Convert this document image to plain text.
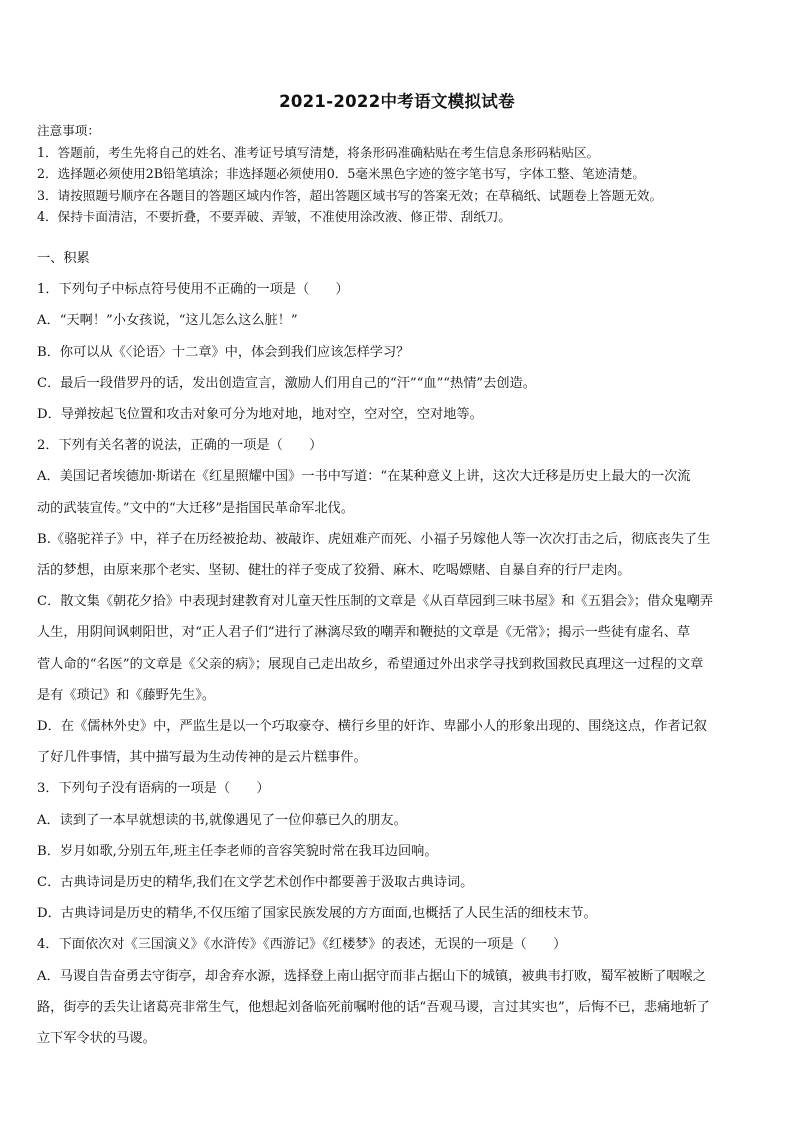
2021-2022中考语文模拟试卷
注意事项：
1．答题前，考生先将自己的姓名、准考证号填写清楚，将条形码准确粘贴在考生信息条形码粘贴区。
2．选择题必须使用2B铅笔填涂；非选择题必须使用0．5毫米黑色字迹的签字笔书写，字体工整、笔迹清楚。
3．请按照题号顺序在各题目的答题区域内作答，超出答题区域书写的答案无效；在草稿纸、试题卷上答题无效。
4．保持卡面清洁，不要折叠，不要弄破、弄皱，不准使用涂改液、修正带、刮纸刀。

一、积累

1．下列句子中标点符号使用不正确的一项是（　　）

A．“天啊！”小女孩说，“这儿怎么这么脏！”

B．你可以从《〈论语〉十二章》中，体会到我们应该怎样学习？

C．最后一段借罗丹的话，发出创造宣言，激励人们用自己的“汗”“血”“热情”去创造。

D．导弹按起飞位置和攻击对象可分为地对地，地对空，空对空，空对地等。

2．下列有关名著的说法，正确的一项是（　　）

A．美国记者埃德加·斯诺在《红星照耀中国》一书中写道：“在某种意义上讲，这次大迁移是历史上最大的一次流

动的武装宣传。”文中的“大迁移”是指国民革命军北伐。

B.《骆驼祥子》中，祥子在历经被抢劫、被敲诈、虎妞难产而死、小福子另嫁他人等一次次打击之后，彻底丧失了生

活的梦想，由原来那个老实、坚韧、健壮的祥子变成了狡猾、麻木、吃喝嫖赌、自暴自弃的行尸走肉。

C．散文集《朝花夕拾》中表现封建教育对儿童天性压制的文章是《从百草园到三味书屋》和《五猖会》；借众鬼嘲弄

人生，用阴间讽刺阳世，对“正人君子们”进行了淋漓尽致的嘲弄和鞭挞的文章是《无常》；揭示一些徒有虚名、草

菅人命的“名医”的文章是《父亲的病》；展现自己走出故乡，希望通过外出求学寻找到救国救民真理这一过程的文章

是有《琐记》和《藤野先生》。

D．在《儒林外史》中，严监生是以一个巧取豪夺、横行乡里的奸诈、卑鄙小人的形象出现的、围绕这点，作者记叙

了好几件事情，其中描写最为生动传神的是云片糕事件。

3．下列句子没有语病的一项是（　　）

A．读到了一本早就想读的书,就像遇见了一位仰慕已久的朋友。

B．岁月如歌,分别五年,班主任李老师的音容笑貌时常在我耳边回响。

C．古典诗词是历史的精华,我们在文学艺术创作中都要善于汲取古典诗词。

D．古典诗词是历史的精华,不仅压缩了国家民族发展的方方面面,也概括了人民生活的细枝末节。

4．下面依次对《三国演义》《水浒传》《西游记》《红楼梦》的表述，无误的一项是（　　）

A．马谡自告奋勇去守街亭，却舍弃水源，选择登上南山据守而非占据山下的城镇，被典韦打败，蜀军被断了咽喉之

路，街亭的丢失让诸葛亮非常生气，他想起刘备临死前嘱咐他的话“吾观马谡，言过其实也”，后悔不已，悲痛地斩了

立下军令状的马谡。
